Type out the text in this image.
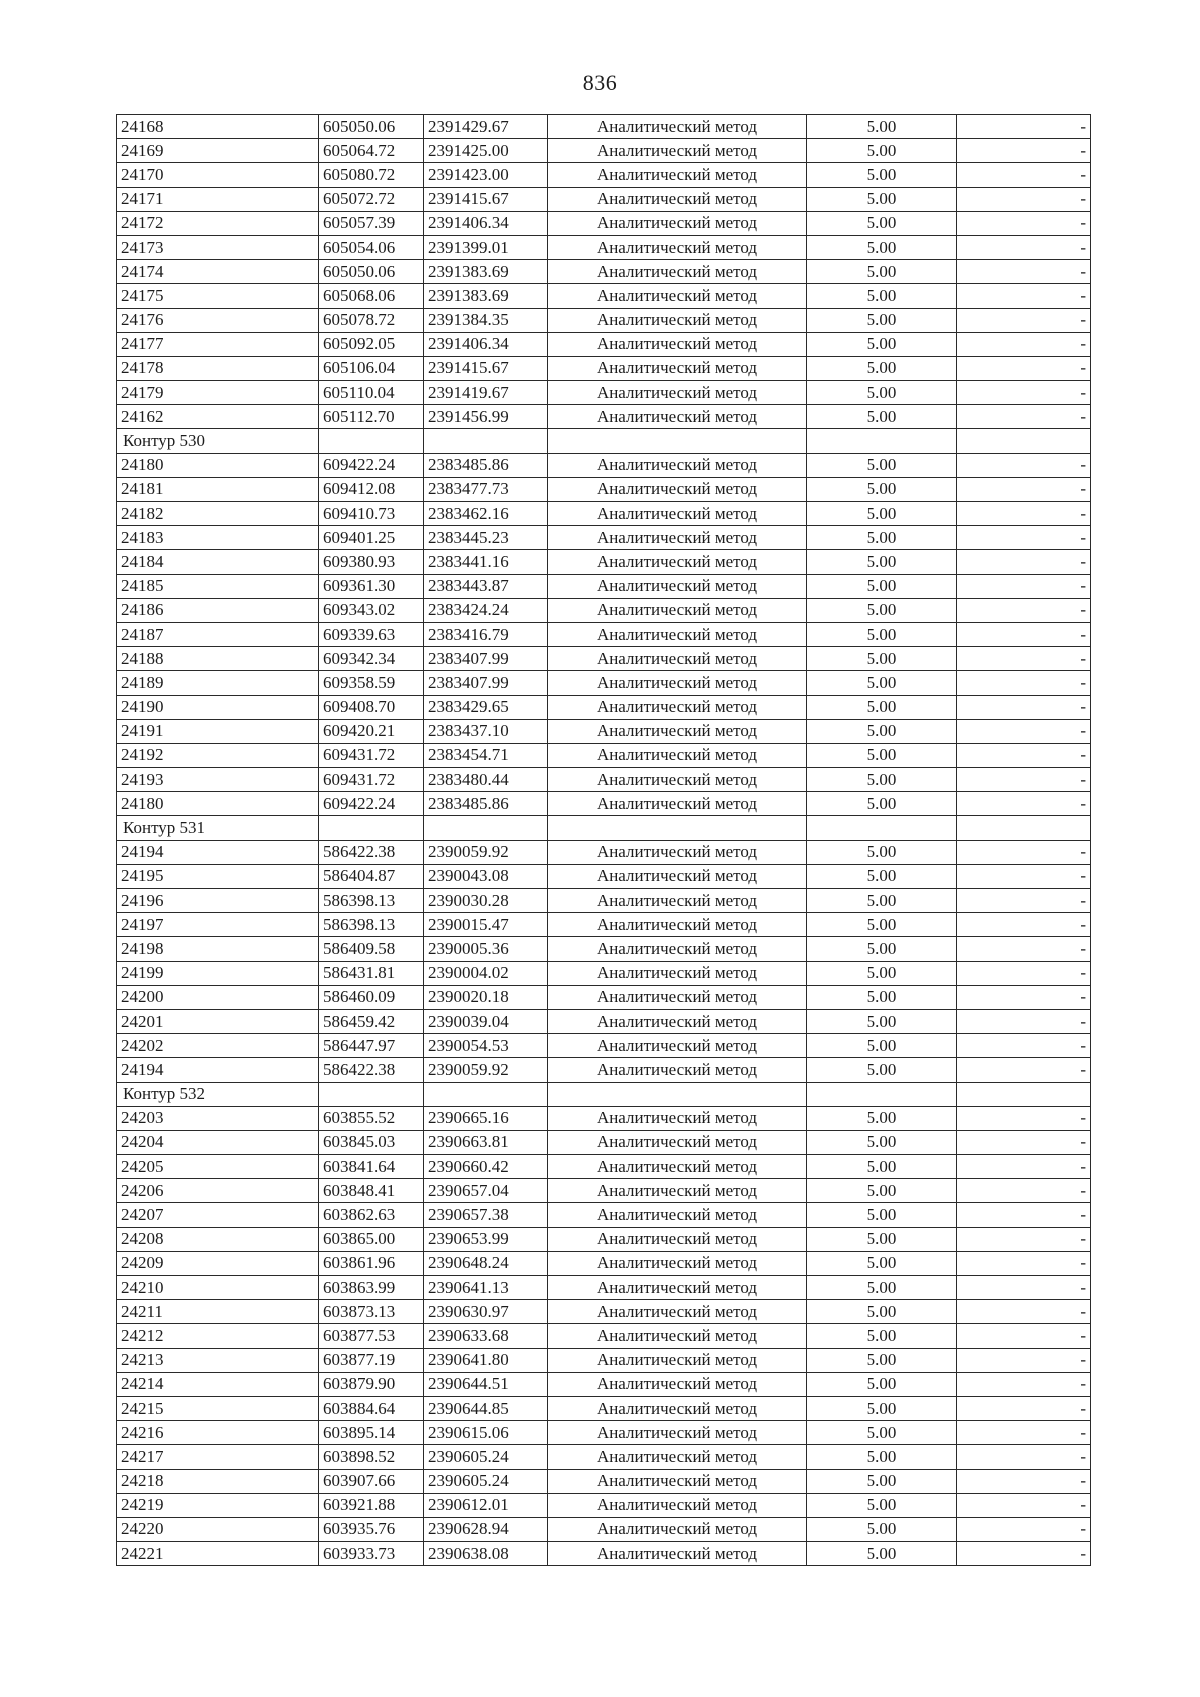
836
24168	605050.06	2391429.67	Аналитический метод	5.00	-
24169	605064.72	2391425.00	Аналитический метод	5.00	-
24170	605080.72	2391423.00	Аналитический метод	5.00	-
24171	605072.72	2391415.67	Аналитический метод	5.00	-
24172	605057.39	2391406.34	Аналитический метод	5.00	-
24173	605054.06	2391399.01	Аналитический метод	5.00	-
24174	605050.06	2391383.69	Аналитический метод	5.00	-
24175	605068.06	2391383.69	Аналитический метод	5.00	-
24176	605078.72	2391384.35	Аналитический метод	5.00	-
24177	605092.05	2391406.34	Аналитический метод	5.00	-
24178	605106.04	2391415.67	Аналитический метод	5.00	-
24179	605110.04	2391419.67	Аналитический метод	5.00	-
24162	605112.70	2391456.99	Аналитический метод	5.00	-
Контур 530					
24180	609422.24	2383485.86	Аналитический метод	5.00	-
24181	609412.08	2383477.73	Аналитический метод	5.00	-
24182	609410.73	2383462.16	Аналитический метод	5.00	-
24183	609401.25	2383445.23	Аналитический метод	5.00	-
24184	609380.93	2383441.16	Аналитический метод	5.00	-
24185	609361.30	2383443.87	Аналитический метод	5.00	-
24186	609343.02	2383424.24	Аналитический метод	5.00	-
24187	609339.63	2383416.79	Аналитический метод	5.00	-
24188	609342.34	2383407.99	Аналитический метод	5.00	-
24189	609358.59	2383407.99	Аналитический метод	5.00	-
24190	609408.70	2383429.65	Аналитический метод	5.00	-
24191	609420.21	2383437.10	Аналитический метод	5.00	-
24192	609431.72	2383454.71	Аналитический метод	5.00	-
24193	609431.72	2383480.44	Аналитический метод	5.00	-
24180	609422.24	2383485.86	Аналитический метод	5.00	-
Контур 531					
24194	586422.38	2390059.92	Аналитический метод	5.00	-
24195	586404.87	2390043.08	Аналитический метод	5.00	-
24196	586398.13	2390030.28	Аналитический метод	5.00	-
24197	586398.13	2390015.47	Аналитический метод	5.00	-
24198	586409.58	2390005.36	Аналитический метод	5.00	-
24199	586431.81	2390004.02	Аналитический метод	5.00	-
24200	586460.09	2390020.18	Аналитический метод	5.00	-
24201	586459.42	2390039.04	Аналитический метод	5.00	-
24202	586447.97	2390054.53	Аналитический метод	5.00	-
24194	586422.38	2390059.92	Аналитический метод	5.00	-
Контур 532					
24203	603855.52	2390665.16	Аналитический метод	5.00	-
24204	603845.03	2390663.81	Аналитический метод	5.00	-
24205	603841.64	2390660.42	Аналитический метод	5.00	-
24206	603848.41	2390657.04	Аналитический метод	5.00	-
24207	603862.63	2390657.38	Аналитический метод	5.00	-
24208	603865.00	2390653.99	Аналитический метод	5.00	-
24209	603861.96	2390648.24	Аналитический метод	5.00	-
24210	603863.99	2390641.13	Аналитический метод	5.00	-
24211	603873.13	2390630.97	Аналитический метод	5.00	-
24212	603877.53	2390633.68	Аналитический метод	5.00	-
24213	603877.19	2390641.80	Аналитический метод	5.00	-
24214	603879.90	2390644.51	Аналитический метод	5.00	-
24215	603884.64	2390644.85	Аналитический метод	5.00	-
24216	603895.14	2390615.06	Аналитический метод	5.00	-
24217	603898.52	2390605.24	Аналитический метод	5.00	-
24218	603907.66	2390605.24	Аналитический метод	5.00	-
24219	603921.88	2390612.01	Аналитический метод	5.00	-
24220	603935.76	2390628.94	Аналитический метод	5.00	-
24221	603933.73	2390638.08	Аналитический метод	5.00	-
